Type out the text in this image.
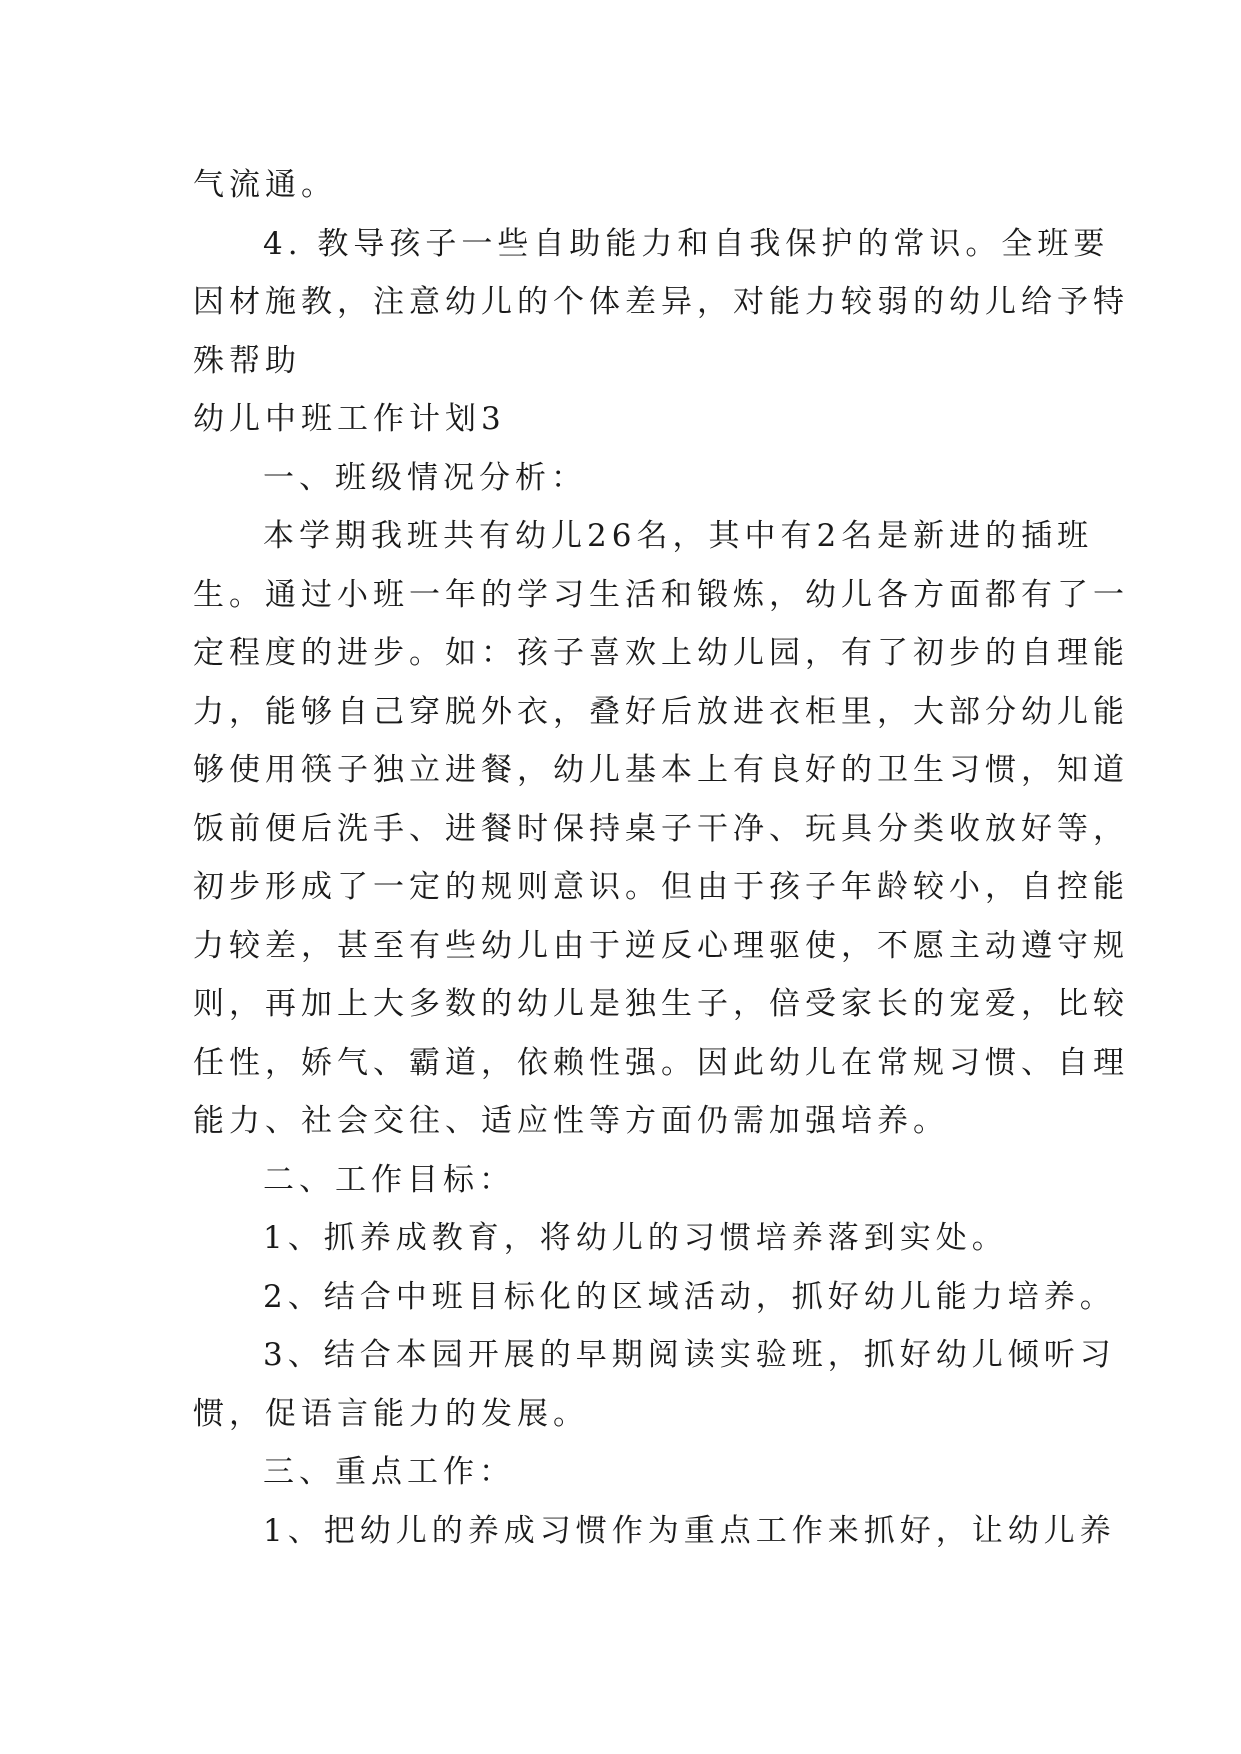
气流通。
4. 教导孩子一些自助能力和自我保护的常识。全班要
因材施教，注意幼儿的个体差异，对能力较弱的幼儿给予特
殊帮助
幼儿中班工作计划3
一、班级情况分析：
本学期我班共有幼儿26名，其中有2名是新进的插班
生。通过小班一年的学习生活和锻炼，幼儿各方面都有了一
定程度的进步。如：孩子喜欢上幼儿园，有了初步的自理能
力，能够自己穿脱外衣，叠好后放进衣柜里，大部分幼儿能
够使用筷子独立进餐，幼儿基本上有良好的卫生习惯，知道
饭前便后洗手、进餐时保持桌子干净、玩具分类收放好等，
初步形成了一定的规则意识。但由于孩子年龄较小，自控能
力较差，甚至有些幼儿由于逆反心理驱使，不愿主动遵守规
则，再加上大多数的幼儿是独生子，倍受家长的宠爱，比较
任性，娇气、霸道，依赖性强。因此幼儿在常规习惯、自理
能力、社会交往、适应性等方面仍需加强培养。
二、工作目标：
1、抓养成教育，将幼儿的习惯培养落到实处。
2、结合中班目标化的区域活动，抓好幼儿能力培养。
3、结合本园开展的早期阅读实验班，抓好幼儿倾听习
惯，促语言能力的发展。
三、重点工作：
1、把幼儿的养成习惯作为重点工作来抓好，让幼儿养
